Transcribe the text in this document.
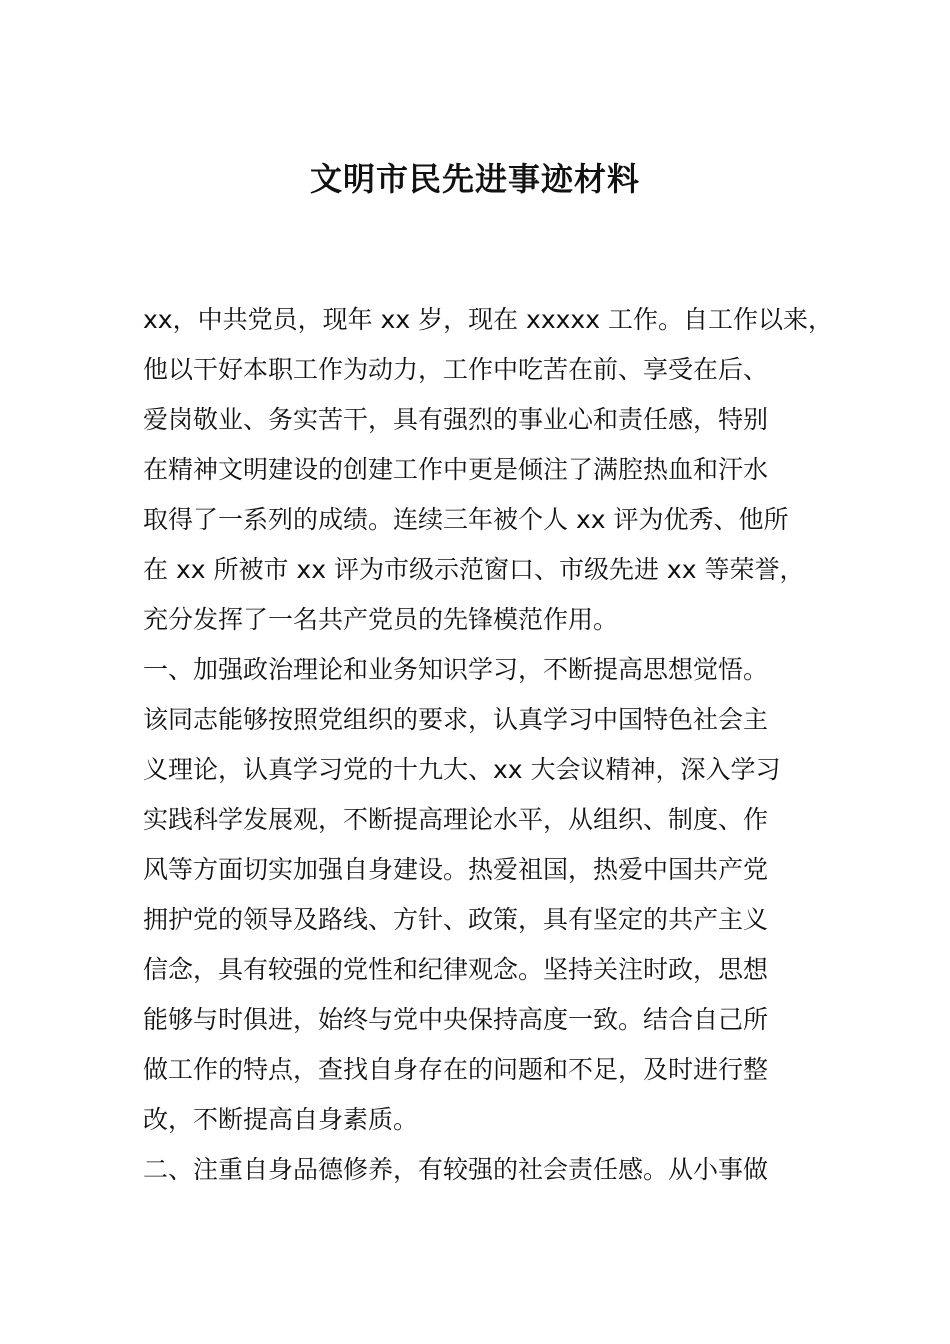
文明市民先进事迹材料
xx，中共党员，现年 xx 岁，现在 xxxxx 工作。自工作以来，
他以干好本职工作为动力，工作中吃苦在前、享受在后、
爱岗敬业、务实苦干，具有强烈的事业心和责任感，特别
在精神文明建设的创建工作中更是倾注了满腔热血和汗水
取得了一系列的成绩。连续三年被个人 xx 评为优秀、他所
在 xx 所被市 xx 评为市级示范窗口、市级先进 xx 等荣誉，
充分发挥了一名共产党员的先锋模范作用。
一、加强政治理论和业务知识学习，不断提高思想觉悟。
该同志能够按照党组织的要求，认真学习中国特色社会主
义理论，认真学习党的十九大、xx 大会议精神，深入学习
实践科学发展观，不断提高理论水平，从组织、制度、作
风等方面切实加强自身建设。热爱祖国，热爱中国共产党
拥护党的领导及路线、方针、政策，具有坚定的共产主义
信念，具有较强的党性和纪律观念。坚持关注时政，思想
能够与时俱进，始终与党中央保持高度一致。结合自己所
做工作的特点，查找自身存在的问题和不足，及时进行整
改，不断提高自身素质。
二、注重自身品德修养，有较强的社会责任感。从小事做
